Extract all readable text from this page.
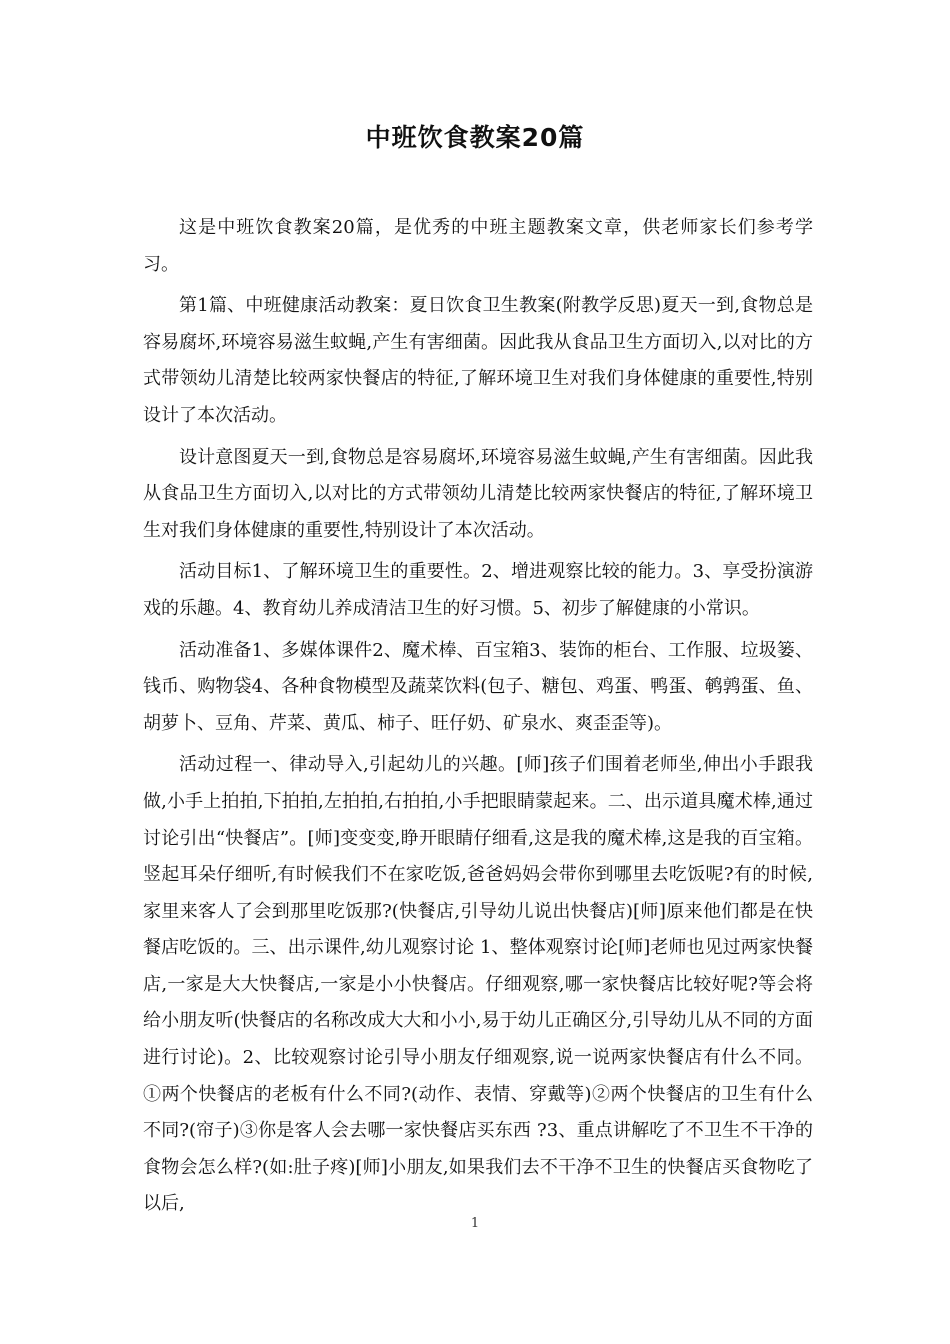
中班饮食教案20篇

这是中班饮食教案20篇，是优秀的中班主题教案文章，供老师家长们参考学习。

第1篇、中班健康活动教案：夏日饮食卫生教案(附教学反思)夏天一到,食物总是容易腐坏,环境容易滋生蚊蝇,产生有害细菌。因此我从食品卫生方面切入,以对比的方式带领幼儿清楚比较两家快餐店的特征,了解环境卫生对我们身体健康的重要性,特别设计了本次活动。

设计意图夏天一到,食物总是容易腐坏,环境容易滋生蚊蝇,产生有害细菌。因此我从食品卫生方面切入,以对比的方式带领幼儿清楚比较两家快餐店的特征,了解环境卫生对我们身体健康的重要性,特别设计了本次活动。

活动目标1、了解环境卫生的重要性。2、增进观察比较的能力。3、享受扮演游戏的乐趣。4、教育幼儿养成清洁卫生的好习惯。5、初步了解健康的小常识。

活动准备1、多媒体课件2、魔术棒、百宝箱3、装饰的柜台、工作服、垃圾篓、钱币、购物袋4、各种食物模型及蔬菜饮料(包子、糖包、鸡蛋、鸭蛋、鹌鹑蛋、鱼、胡萝卜、豆角、芹菜、黄瓜、柿子、旺仔奶、矿泉水、爽歪歪等)。

活动过程一、律动导入,引起幼儿的兴趣。[师]孩子们围着老师坐,伸出小手跟我做,小手上拍拍,下拍拍,左拍拍,右拍拍,小手把眼睛蒙起来。二、出示道具魔术棒,通过讨论引出“快餐店”。[师]变变变,睁开眼睛仔细看,这是我的魔术棒,这是我的百宝箱。竖起耳朵仔细听,有时候我们不在家吃饭,爸爸妈妈会带你到哪里去吃饭呢?有的时候,家里来客人了会到那里吃饭那?(快餐店,引导幼儿说出快餐店)[师]原来他们都是在快餐店吃饭的。三、出示课件,幼儿观察讨论 1、整体观察讨论[师]老师也见过两家快餐店,一家是大大快餐店,一家是小小快餐店。仔细观察,哪一家快餐店比较好呢?等会将给小朋友听(快餐店的名称改成大大和小小,易于幼儿正确区分,引导幼儿从不同的方面进行讨论)。2、比较观察讨论引导小朋友仔细观察,说一说两家快餐店有什么不同。①两个快餐店的老板有什么不同?(动作、表情、穿戴等)②两个快餐店的卫生有什么不同?(帘子)③你是客人会去哪一家快餐店买东西 ?3、重点讲解吃了不卫生不干净的食物会怎么样?(如:肚子疼)[师]小朋友,如果我们去不干净不卫生的快餐店买食物吃了以后,

1
